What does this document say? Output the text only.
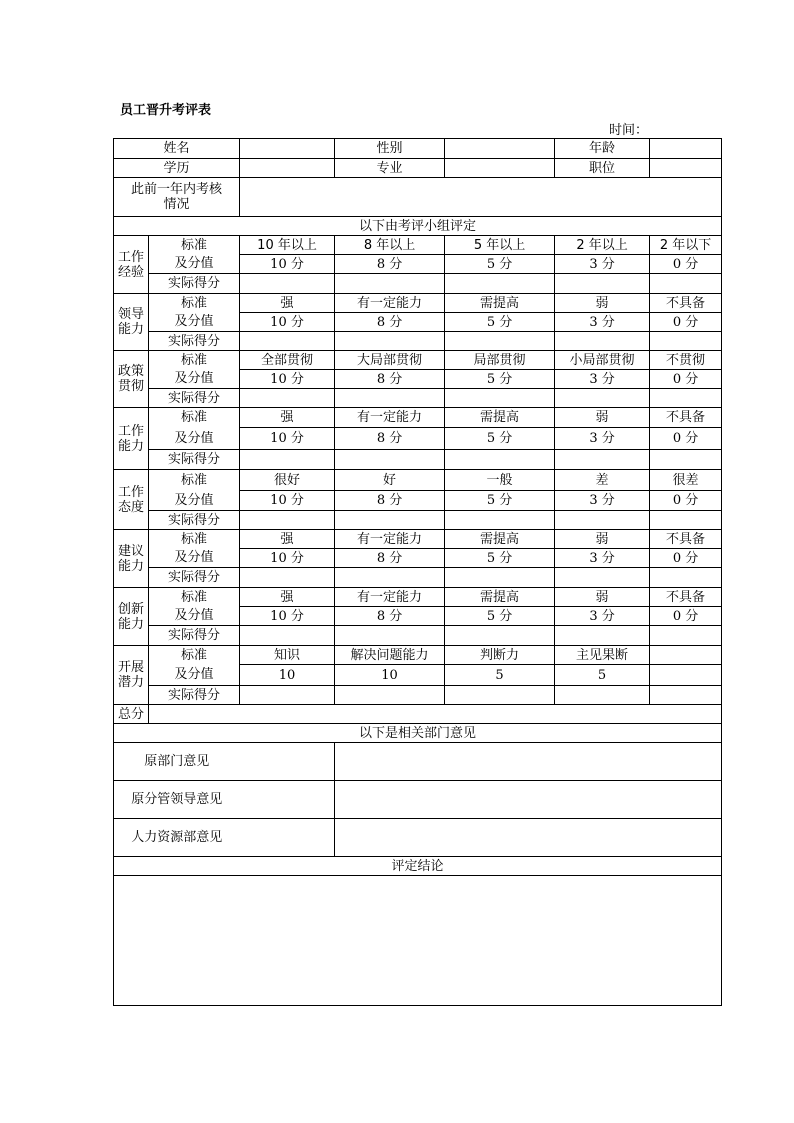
员工晋升考评表
时间：
姓名			性别		年龄	
学历			专业		职位	

此前一年内考核
情况						

以下由考评小组评定						

工作
经验	标准	10 年以上	8 年以上	5 年以上	2 年以上	2 年以下
	及分值	10 分	8 分	5 分	3 分	0 分
	实际得分					

领导
能力	标准	强	有一定能力	需提高	弱	不具备
	及分值	10 分	8 分	5 分	3 分	0 分
	实际得分					

政策
贯彻	标准	全部贯彻	大局部贯彻	局部贯彻	小局部贯彻	不贯彻
	及分值	10 分	8 分	5 分	3 分	0 分
	实际得分					

工作
能力	标准	强	有一定能力	需提高	弱	不具备
	及分值	10 分	8 分	5 分	3 分	0 分
	实际得分					

工作
态度	标准	很好	好	一般	差	很差
	及分值	10 分	8 分	5 分	3 分	0 分
	实际得分					

建议
能力	标准	强	有一定能力	需提高	弱	不具备
	及分值	10 分	8 分	5 分	3 分	0 分
	实际得分					

创新
能力	标准	强	有一定能力	需提高	弱	不具备
	及分值	10 分	8 分	5 分	3 分	0 分
	实际得分					

开展
潜力	标准	知识	解决问题能力	判断力	主见果断	
	及分值	10	10	5	5	
	实际得分					
总分						
以下是相关部门意见						
原部门意见						
原分管领导意见						
人力资源部意见						
评定结论						
